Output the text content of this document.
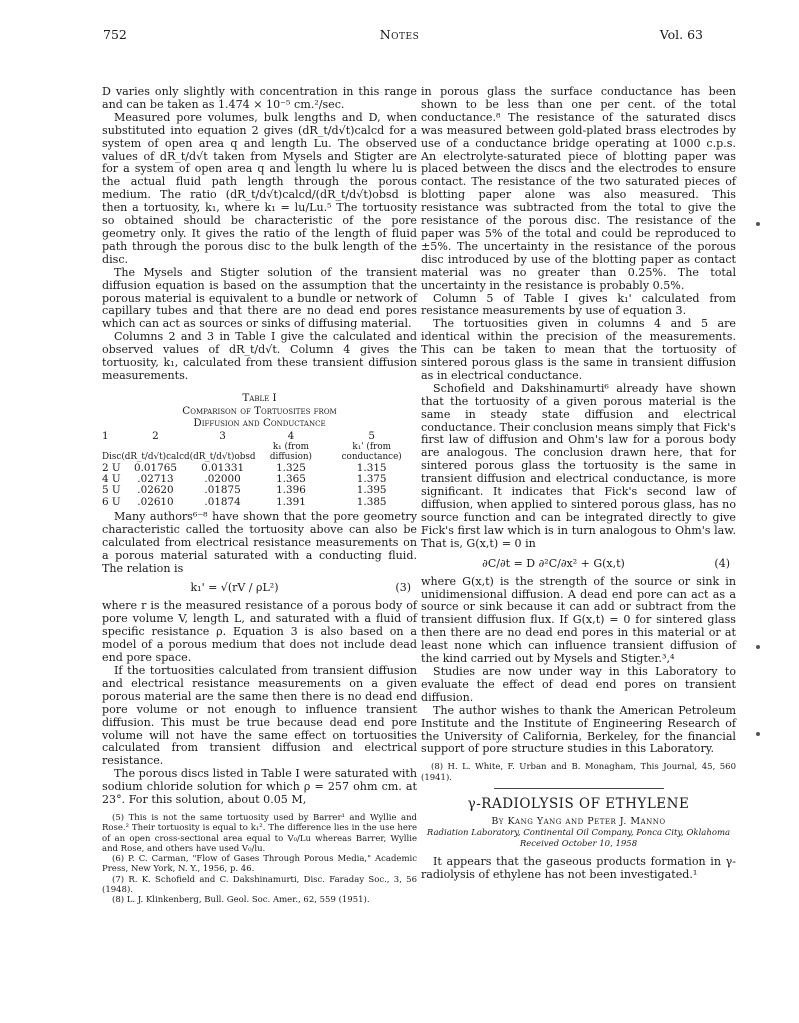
752	Notes	Vol. 63

D varies only slightly with concentration in this range and can be taken as 1.474 × 10⁻⁵ cm.²/sec.

Measured pore volumes, bulk lengths and D, when substituted into equation 2 gives (dR_t/d√t)calcd for a system of open area q and length Lu. The observed values of dR_t/d√t taken from Mysels and Stigter are for a system of open area q and length lu where lu is the actual fluid path length through the porous medium. The ratio (dR_t/d√t)calcd/(dR_t/d√t)obsd is then a tortuosity, k₁, where k₁ = lu/Lu.⁵ The tortuosity so obtained should be characteristic of the pore geometry only. It gives the ratio of the length of fluid path through the porous disc to the bulk length of the disc.

The Mysels and Stigter solution of the transient diffusion equation is based on the assumption that the porous material is equivalent to a bundle or network of capillary tubes and that there are no dead end pores which can act as sources or sinks of diffusing material.

Columns 2 and 3 in Table I give the calculated and observed values of dR_t/d√t. Column 4 gives the tortuosity, k₁, calculated from these transient diffusion measurements.

Table I
Comparison of Tortuosites from
Diffusion and Conductance
1	2	3	4	5
Disc	(dR_t/d√t)calcd	(dR_t/d√t)obsd	k₁ (from diffusion)	k₁' (from conductance)
2 U	0.01765	0.01331	1.325	1.315
4 U	.02713	.02000	1.365	1.375
5 U	.02620	.01875	1.396	1.395
6 U	.02610	.01874	1.391	1.385

Many authors⁶⁻⁸ have shown that the pore geometry characteristic called the tortuosity above can also be calculated from electrical resistance measurements on a porous material saturated with a conducting fluid. The relation is

k₁' = √(rV / ρL²)	(3)

where r is the measured resistance of a porous body of pore volume V, length L, and saturated with a fluid of specific resistance ρ. Equation 3 is also based on a model of a porous medium that does not include dead end pore space.

If the tortuosities calculated from transient diffusion and electrical resistance measurements on a given porous material are the same then there is no dead end pore volume or not enough to influence transient diffusion. This must be true because dead end pore volume will not have the same effect on tortuosities calculated from transient diffusion and electrical resistance.

The porous discs listed in Table I were saturated with sodium chloride solution for which ρ = 257 ohm cm. at 23°. For this solution, about 0.05 M,

(5) This is not the same tortuosity used by Barrer¹ and Wyllie and Rose.² Their tortuosity is equal to k₁². The difference lies in the use here of an open cross-sectional area equal to V₀/Lu whereas Barrer, Wyllie and Rose, and others have used V₀/lu.

(6) P. C. Carman, "Flow of Gases Through Porous Media," Academic Press, New York, N. Y., 1956, p. 46.

(7) R. K. Schofield and C. Dakshinamurti, Disc. Faraday Soc., 3, 56 (1948).

(8) L. J. Klinkenberg, Bull. Geol. Soc. Amer., 62, 559 (1951).

in porous glass the surface conductance has been shown to be less than one per cent. of the total conductance.⁸ The resistance of the saturated discs was measured between gold-plated brass electrodes by use of a conductance bridge operating at 1000 c.p.s. An electrolyte-saturated piece of blotting paper was placed between the discs and the electrodes to ensure contact. The resistance of the two saturated pieces of blotting paper alone was also measured. This resistance was subtracted from the total to give the resistance of the porous disc. The resistance of the paper was 5% of the total and could be reproduced to ±5%. The uncertainty in the resistance of the porous disc introduced by use of the blotting paper as contact material was no greater than 0.25%. The total uncertainty in the resistance is probably 0.5%.

Column 5 of Table I gives k₁' calculated from resistance measurements by use of equation 3.

The tortuosities given in columns 4 and 5 are identical within the precision of the measurements. This can be taken to mean that the tortuosity of sintered porous glass is the same in transient diffusion as in electrical conductance.

Schofield and Dakshinamurti⁶ already have shown that the tortuosity of a given porous material is the same in steady state diffusion and electrical conductance. Their conclusion means simply that Fick's first law of diffusion and Ohm's law for a porous body are analogous. The conclusion drawn here, that for sintered porous glass the tortuosity is the same in transient diffusion and electrical conductance, is more significant. It indicates that Fick's second law of diffusion, when applied to sintered porous glass, has no source function and can be integrated directly to give Fick's first law which is in turn analogous to Ohm's law. That is, G(x,t) = 0 in

∂C/∂t = D ∂²C/∂x² + G(x,t)	(4)

where G(x,t) is the strength of the source or sink in unidimensional diffusion. A dead end pore can act as a source or sink because it can add or subtract from the transient diffusion flux. If G(x,t) = 0 for sintered glass then there are no dead end pores in this material or at least none which can influence transient diffusion of the kind carried out by Mysels and Stigter.³,⁴

Studies are now under way in this Laboratory to evaluate the effect of dead end pores on transient diffusion.

The author wishes to thank the American Petroleum Institute and the Institute of Engineering Research of the University of California, Berkeley, for the financial support of pore structure studies in this Laboratory.

(8) H. L. White, F. Urban and B. Monagham, This Journal, 45, 560 (1941).

γ-RADIOLYSIS OF ETHYLENE
By Kang Yang and Peter J. Manno
Radiation Laboratory, Continental Oil Company, Ponca City, Oklahoma
Received October 10, 1958

It appears that the gaseous products formation in γ-radiolysis of ethylene has not been investigated.¹
